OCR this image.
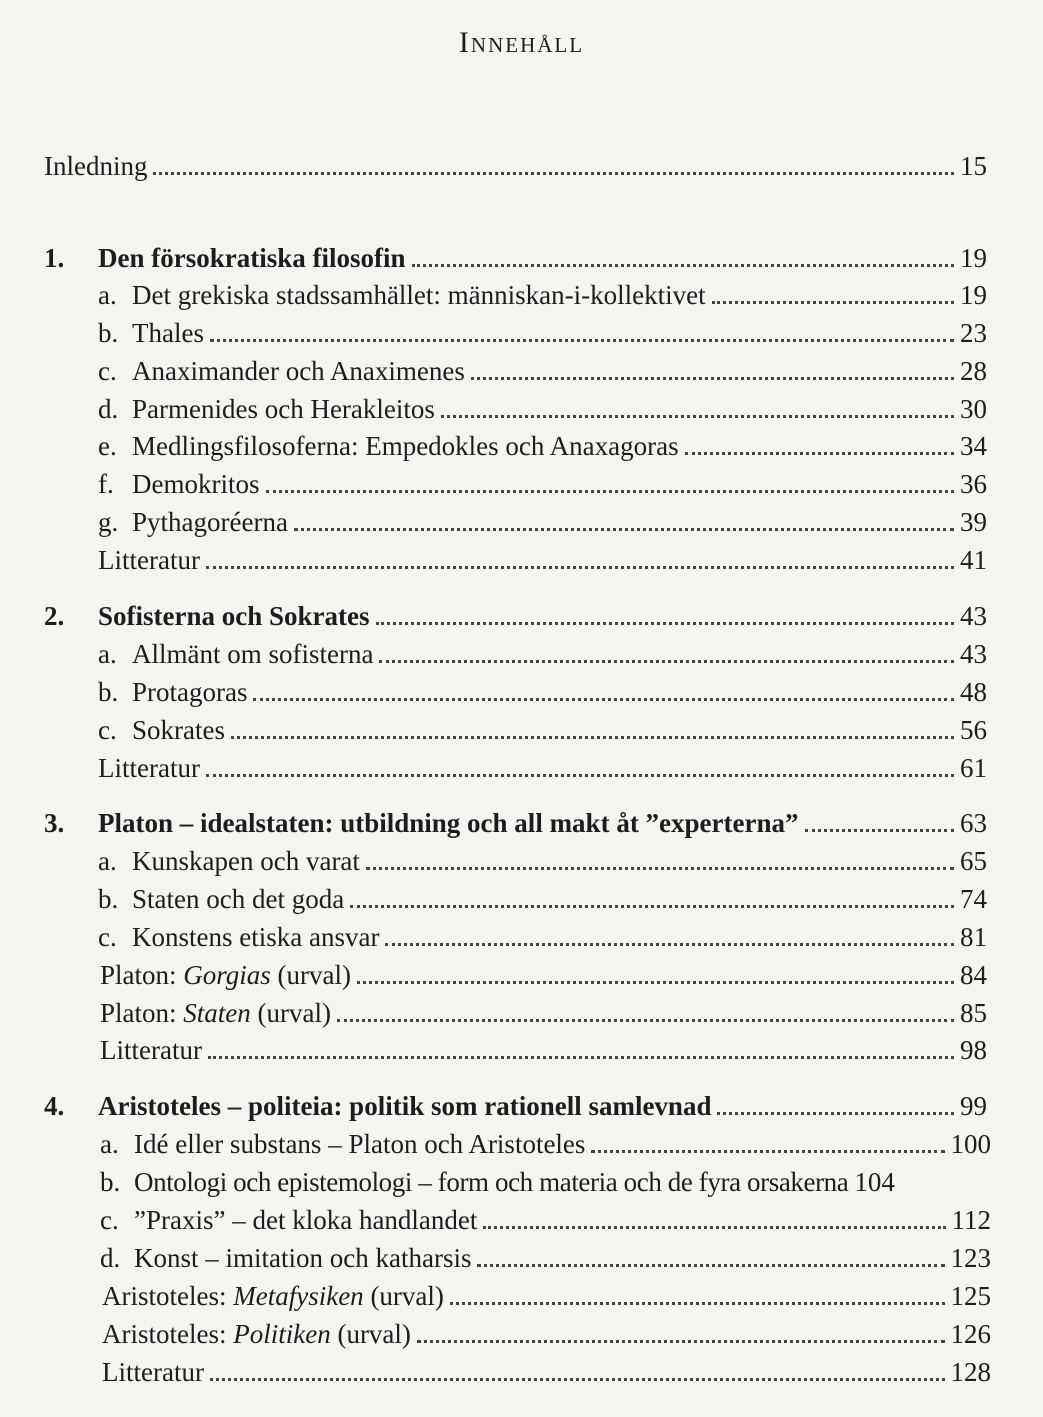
Innehåll
Inledning	15
1.	Den försokratiska filosofin	19
a. Det grekiska stadssamhället: människan-i-kollektivet	19
b. Thales	23
c. Anaximander och Anaximenes	28
d. Parmenides och Herakleitos	30
e. Medlingsfilosoferna: Empedokles och Anaxagoras	34
f. Demokritos	36
g. Pythagoréerna	39
Litteratur	41
2.	Sofisterna och Sokrates	43
a. Allmänt om sofisterna	43
b. Protagoras	48
c. Sokrates	56
Litteratur	61
3.	Platon – idealstaten: utbildning och all makt åt ”experterna”	63
a. Kunskapen och varat	65
b. Staten och det goda	74
c. Konstens etiska ansvar	81
Platon: Gorgias (urval)	84
Platon: Staten (urval)	85
Litteratur	98
4.	Aristoteles – politeia: politik som rationell samlevnad	99
a. Idé eller substans – Platon och Aristoteles	100
b. Ontologi och epistemologi – form och materia och de fyra orsakerna 104
c. ”Praxis” – det kloka handlandet	112
d. Konst – imitation och katharsis	123
Aristoteles: Metafysiken (urval)	125
Aristoteles: Politiken (urval)	126
Litteratur	128
